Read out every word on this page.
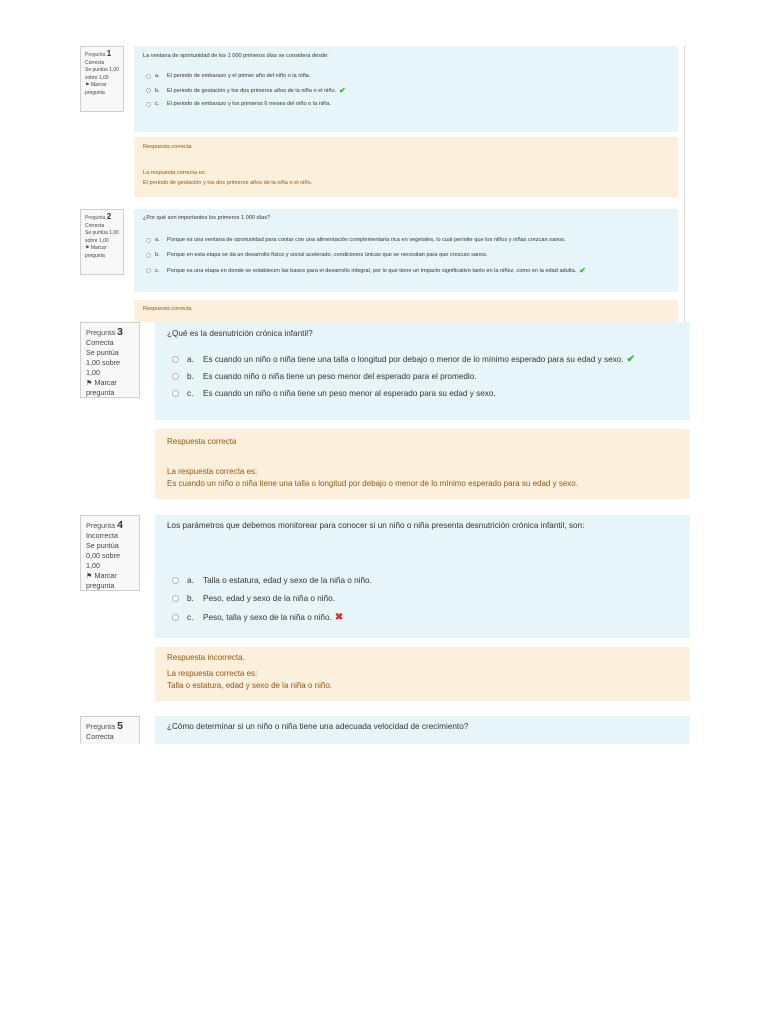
Pregunta 1
Correcta
Se puntúa 1,00 sobre 1,00
⚑ Marcar pregunta
La ventana de oportunidad de los 1 000 primeros días se considera desde:
a.	El periodo de embarazo y el primer año del niño o la niña.
b.	El periodo de gestación y los dos primeros años de la niña o el niño. ✔
c.	El periodo de embarazo y los primeros 6 meses del niño o la niña.
Respuesta correcta
La respuesta correcta es:
El periodo de gestación y los dos primeros años de la niña o el niño.
Pregunta 2
Correcta
Se puntúa 1,00 sobre 1,00
⚑ Marcar pregunta
¿Por qué son importantes los primeros 1 000 días?
a.	Porque es una ventana de oportunidad para contar con una alimentación complementaria rica en vegetales, lo cual permite que los niños y niñas crezcan sanos.
b.	Porque en esta etapa se da un desarrollo físico y social acelerado, condiciones únicas que se necesitan para que crezcan sanos.
c.	Porque es una etapa en donde se establecen las bases para el desarrollo integral, por lo que tiene un impacto significativo tanto en la niñez, como en la edad adulta. ✔
Respuesta correcta
Pregunta 3
Correcta
Se puntúa 1,00 sobre 1,00
⚑ Marcar pregunta
¿Qué es la desnutrición crónica infantil?
a.	Es cuando un niño o niña tiene una talla o longitud por debajo o menor de lo mínimo esperado para su edad y sexo. ✔
b.	Es cuando niño o niña tiene un peso menor del esperado para el promedio.
c.	Es cuando un niño o niña tiene un peso menor al esperado para su edad y sexo.
Respuesta correcta
La respuesta correcta es:
Es cuando un niño o niña tiene una talla o longitud por debajo o menor de lo mínimo esperado para su edad y sexo.
Pregunta 4
Incorrecta
Se puntúa 0,00 sobre 1,00
⚑ Marcar pregunta
Los parámetros que debemos monitorear para conocer si un niño o niña presenta desnutrición crónica infantil, son:
a.	Talla o estatura, edad y sexo de la niña o niño.
b.	Peso, edad y sexo de la niña o niño.
c.	Peso, talla y sexo de la niña o niño. ✖
Respuesta incorrecta.
La respuesta correcta es:
Talla o estatura, edad y sexo de la niña o niño.
Pregunta 5
Correcta
¿Cómo determinar si un niño o niña tiene una adecuada velocidad de crecimiento?
